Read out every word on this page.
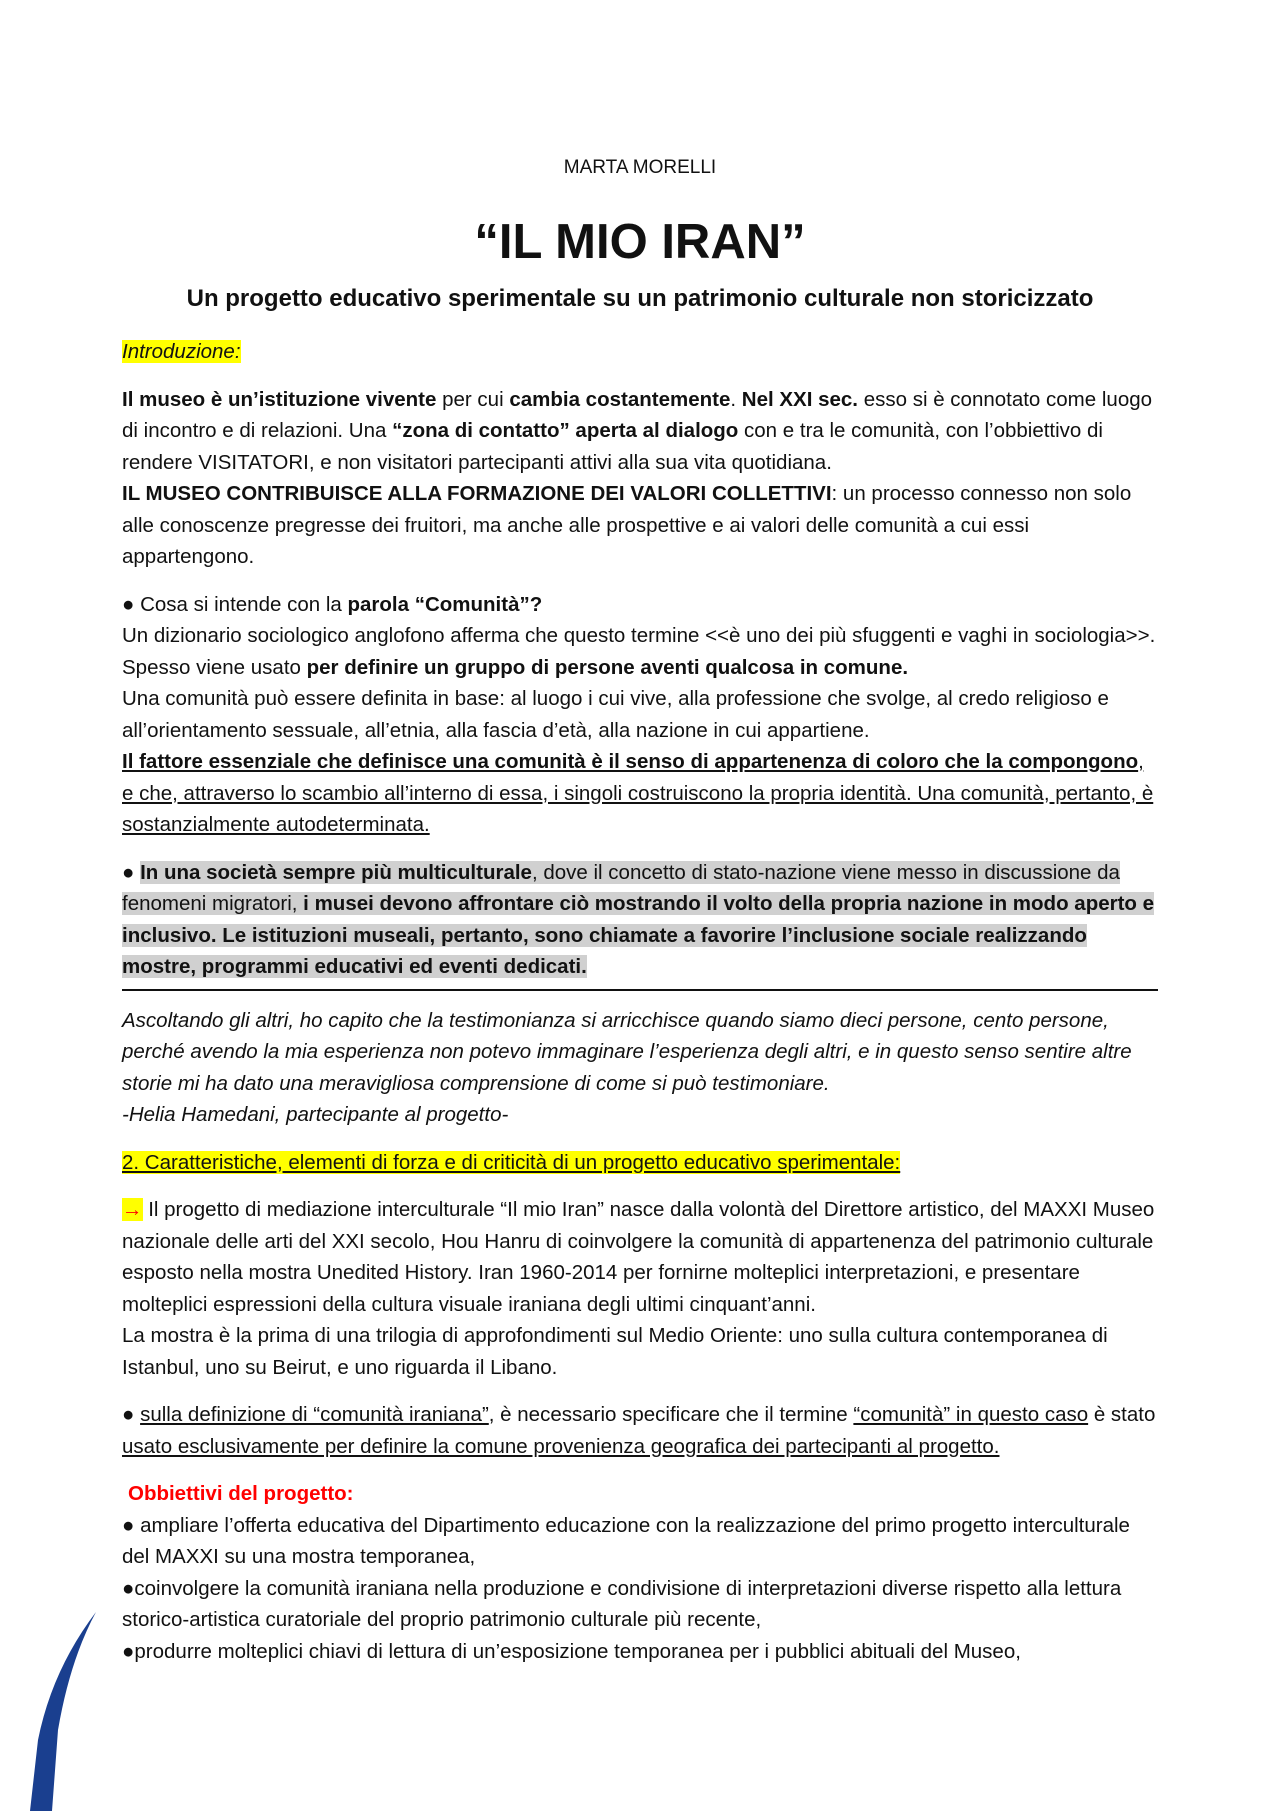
MARTA MORELLI
“IL MIO IRAN”
Un progetto educativo sperimentale su un patrimonio culturale non storicizzato

Introduzione:

Il museo è un’istituzione vivente per cui cambia costantemente. Nel XXI sec. esso si è connotato come luogo di incontro e di relazioni. Una “zona di contatto” aperta al dialogo con e tra le comunità, con l’obbiettivo di rendere VISITATORI, e non visitatori partecipanti attivi alla sua vita quotidiana.

IL MUSEO CONTRIBUISCE ALLA FORMAZIONE DEI VALORI COLLETTIVI: un processo connesso non solo alle conoscenze pregresse dei fruitori, ma anche alle prospettive e ai valori delle comunità a cui essi appartengono.

● Cosa si intende con la parola “Comunità”?

Un dizionario sociologico anglofono afferma che questo termine <<è uno dei più sfuggenti e vaghi in sociologia>>. Spesso viene usato per definire un gruppo di persone aventi qualcosa in comune.

Una comunità può essere definita in base: al luogo i cui vive, alla professione che svolge, al credo religioso e all’orientamento sessuale, all’etnia, alla fascia d’età, alla nazione in cui appartiene.

Il fattore essenziale che definisce una comunità è il senso di appartenenza di coloro che la compongono, e che, attraverso lo scambio all’interno di essa, i singoli costruiscono la propria identità. Una comunità, pertanto, è sostanzialmente autodeterminata.

● In una società sempre più multiculturale, dove il concetto di stato-nazione viene messo in discussione da fenomeni migratori, i musei devono affrontare ciò mostrando il volto della propria nazione in modo aperto e inclusivo. Le istituzioni museali, pertanto, sono chiamate a favorire l’inclusione sociale realizzando mostre, programmi educativi ed eventi dedicati.

Ascoltando gli altri, ho capito che la testimonianza si arricchisce quando siamo dieci persone, cento persone, perché avendo la mia esperienza non potevo immaginare l’esperienza degli altri, e in questo senso sentire altre storie mi ha dato una meravigliosa comprensione di come si può testimoniare.

-Helia Hamedani, partecipante al progetto-

2. Caratteristiche, elementi di forza e di criticità di un progetto educativo sperimentale:

→ Il progetto di mediazione interculturale “Il mio Iran” nasce dalla volontà del Direttore artistico, del MAXXI Museo nazionale delle arti del XXI secolo, Hou Hanru di coinvolgere la comunità di appartenenza del patrimonio culturale esposto nella mostra Unedited History. Iran 1960-2014 per fornirne molteplici interpretazioni, e presentare molteplici espressioni della cultura visuale iraniana degli ultimi cinquant’anni.

La mostra è la prima di una trilogia di approfondimenti sul Medio Oriente: uno sulla cultura contemporanea di Istanbul, uno su Beirut, e uno riguarda il Libano.

● sulla definizione di “comunità iraniana”, è necessario specificare che il termine “comunità” in questo caso è stato usato esclusivamente per definire la comune provenienza geografica dei partecipanti al progetto.

Obbiettivi del progetto:

● ampliare l’offerta educativa del Dipartimento educazione con la realizzazione del primo progetto interculturale del MAXXI su una mostra temporanea,

●coinvolgere la comunità iraniana nella produzione e condivisione di interpretazioni diverse rispetto alla lettura storico-artistica curatoriale del proprio patrimonio culturale più recente,

●produrre molteplici chiavi di lettura di un’esposizione temporanea per i pubblici abituali del Museo,
